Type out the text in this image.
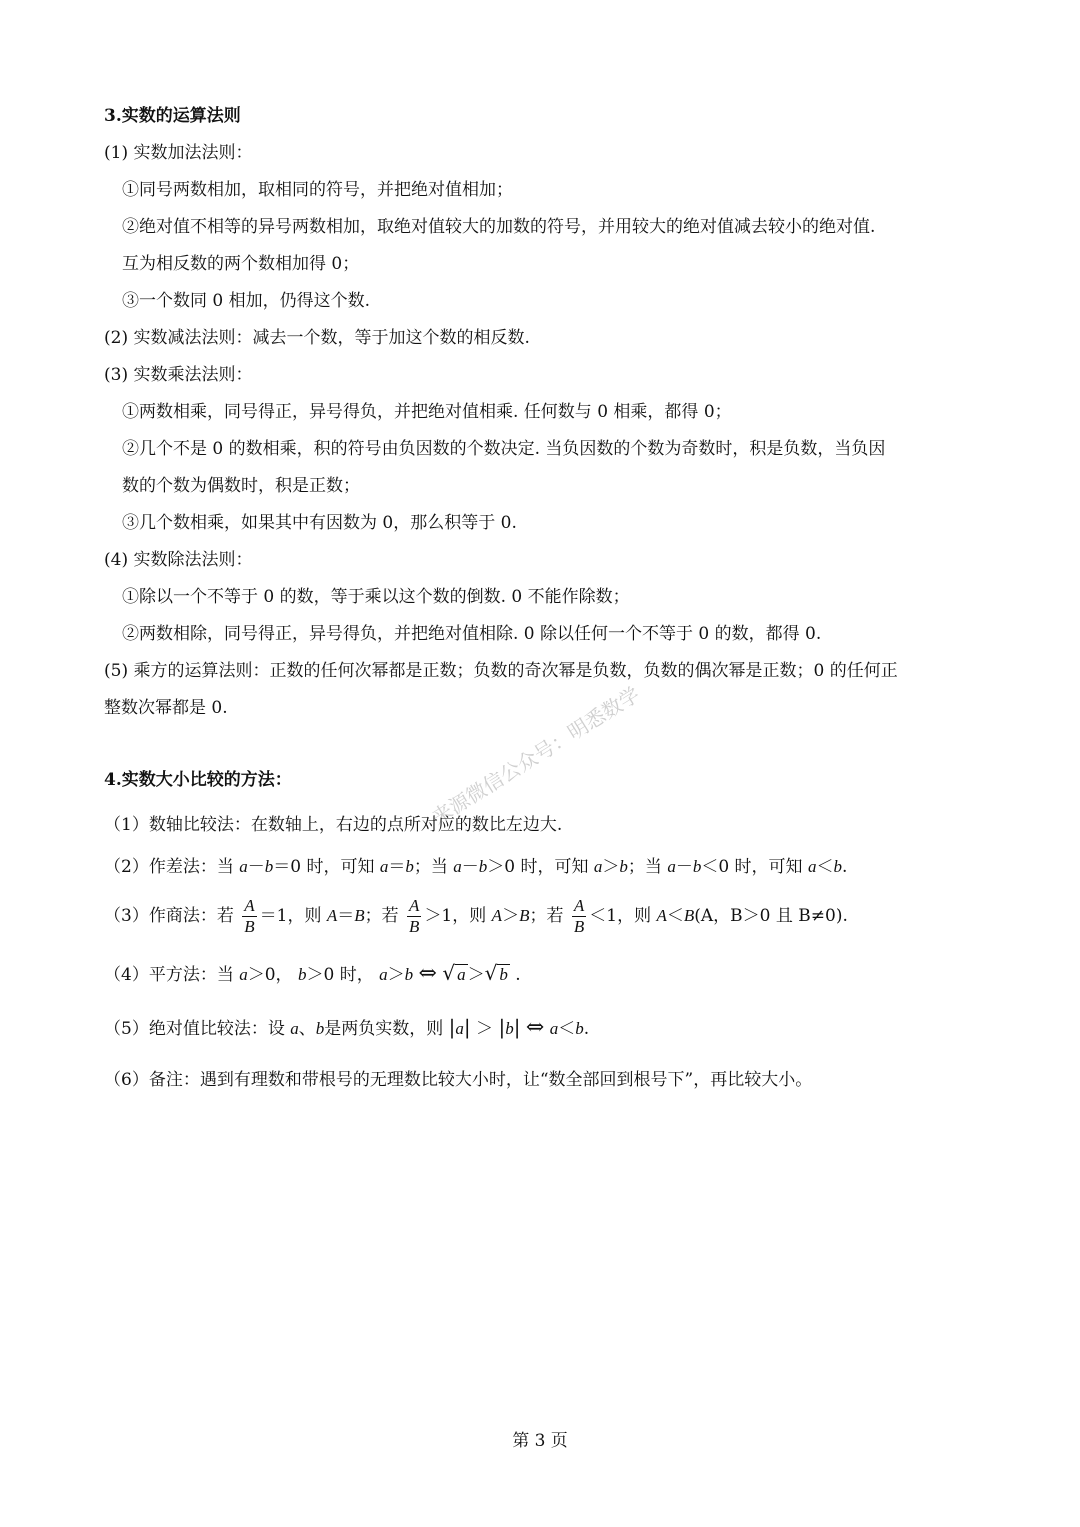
3.实数的运算法则
(1) 实数加法法则：
①同号两数相加，取相同的符号，并把绝对值相加；
②绝对值不相等的异号两数相加，取绝对值较大的加数的符号，并用较大的绝对值减去较小的绝对值.
互为相反数的两个数相加得 0；
③一个数同 0 相加，仍得这个数.
(2) 实数减法法则：减去一个数，等于加这个数的相反数.
(3) 实数乘法法则：
①两数相乘，同号得正，异号得负，并把绝对值相乘. 任何数与 0 相乘，都得 0；
②几个不是 0 的数相乘，积的符号由负因数的个数决定. 当负因数的个数为奇数时，积是负数，当负因
数的个数为偶数时，积是正数；
③几个数相乘，如果其中有因数为 0，那么积等于 0.
(4) 实数除法法则：
①除以一个不等于 0 的数，等于乘以这个数的倒数. 0 不能作除数；
②两数相除，同号得正，异号得负，并把绝对值相除. 0 除以任何一个不等于 0 的数，都得 0.
(5) 乘方的运算法则：正数的任何次幂都是正数；负数的奇次幂是负数，负数的偶次幂是正数；0 的任何正
整数次幂都是 0.	来源微信公众号：明悉数学
4.实数大小比较的方法：
（1）数轴比较法：在数轴上，右边的点所对应的数比左边大.
（2）作差法：当 a－b＝0 时，可知 a＝b；当 a－b＞0 时，可知 a＞b；当 a－b＜0 时，可知 a＜b.
（3）作商法：若 $\frac{A}{B} =1$，则 A＝B；若 $\frac{A}{B} >1$，则 A＞B；若 $\frac{A}{B} <1$，则 A＜B(A，B＞0 且 B≠0).
（4）平方法：当 a＞0， b＞0 时， a＞b ⇔ √ a ＞√ b .
（5）绝对值比较法：设 a、b是两负实数，则 |a| ＞ |b| ⇔ a＜b.
（6）备注：遇到有理数和带根号的无理数比较大小时，让“数全部回到根号下”，再比较大小。
第 3 页
